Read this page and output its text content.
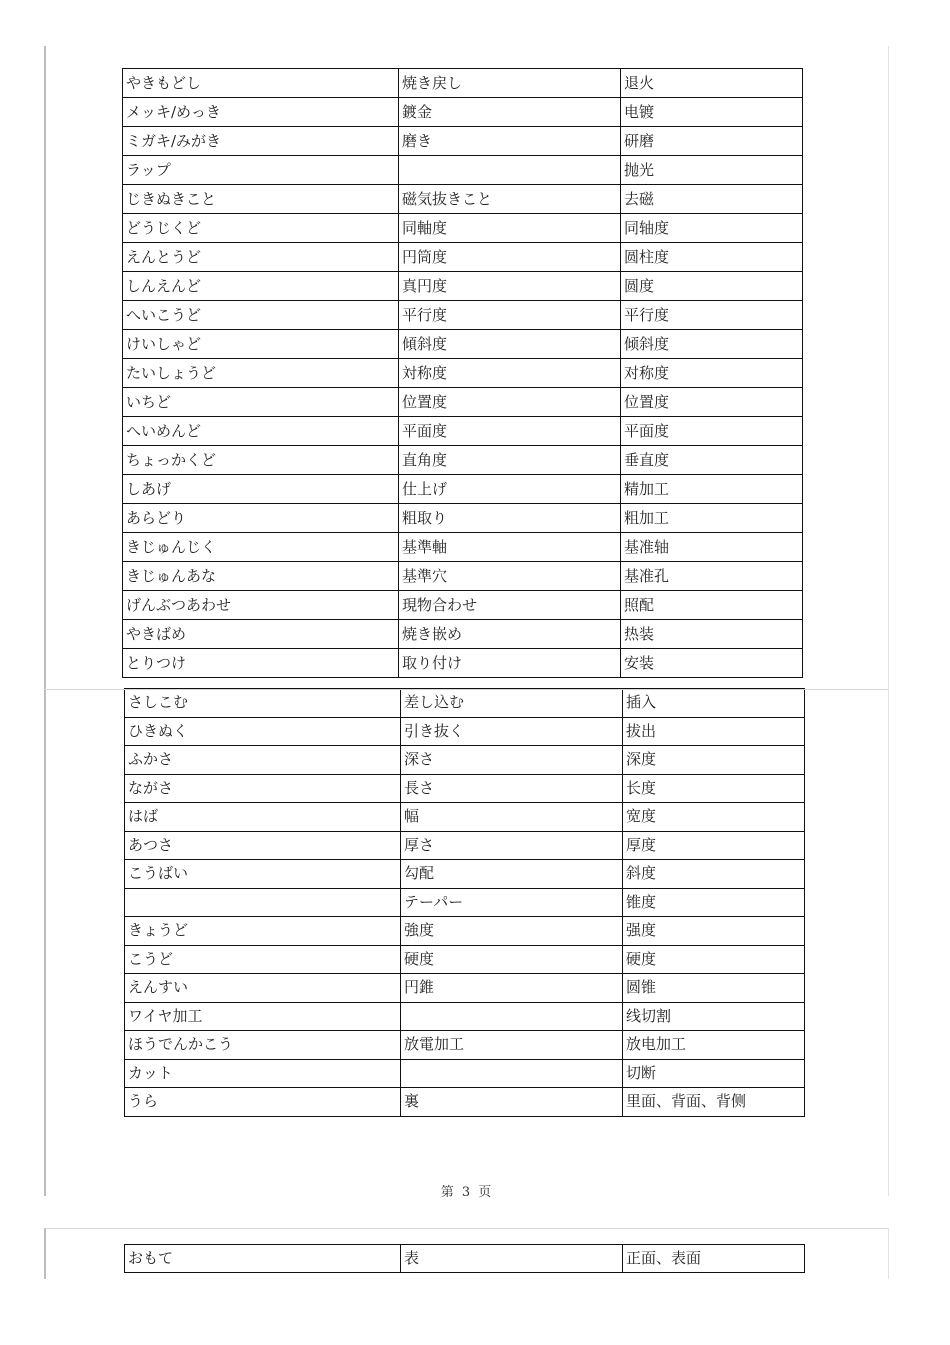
やきもどし	焼き戻し	退火
メッキ/めっき	鍍金	电镀
ミガキ/みがき	磨き	研磨
ラップ		抛光
じきぬきこと	磁気抜きこと	去磁
どうじくど	同軸度	同轴度
えんとうど	円筒度	圆柱度
しんえんど	真円度	圆度
へいこうど	平行度	平行度
けいしゃど	傾斜度	倾斜度
たいしょうど	対称度	对称度
いちど	位置度	位置度
へいめんど	平面度	平面度
ちょっかくど	直角度	垂直度
しあげ	仕上げ	精加工
あらどり	粗取り	粗加工
きじゅんじく	基準軸	基准轴
きじゅんあな	基準穴	基准孔
げんぶつあわせ	現物合わせ	照配
やきばめ	焼き嵌め	热装
とりつけ	取り付け	安装
さしこむ	差し込む	插入
ひきぬく	引き抜く	拔出
ふかさ	深さ	深度
ながさ	長さ	长度
はば	幅	宽度
あつさ	厚さ	厚度
こうばい	勾配	斜度
	テーパー	锥度
きょうど	強度	强度
こうど	硬度	硬度
えんすい	円錐	圆锥
ワイヤ加工		线切割
ほうでんかこう	放電加工	放电加工
カット		切断
うら	裏	里面、背面、背侧
第 3 页
おもて	表	正面、表面
